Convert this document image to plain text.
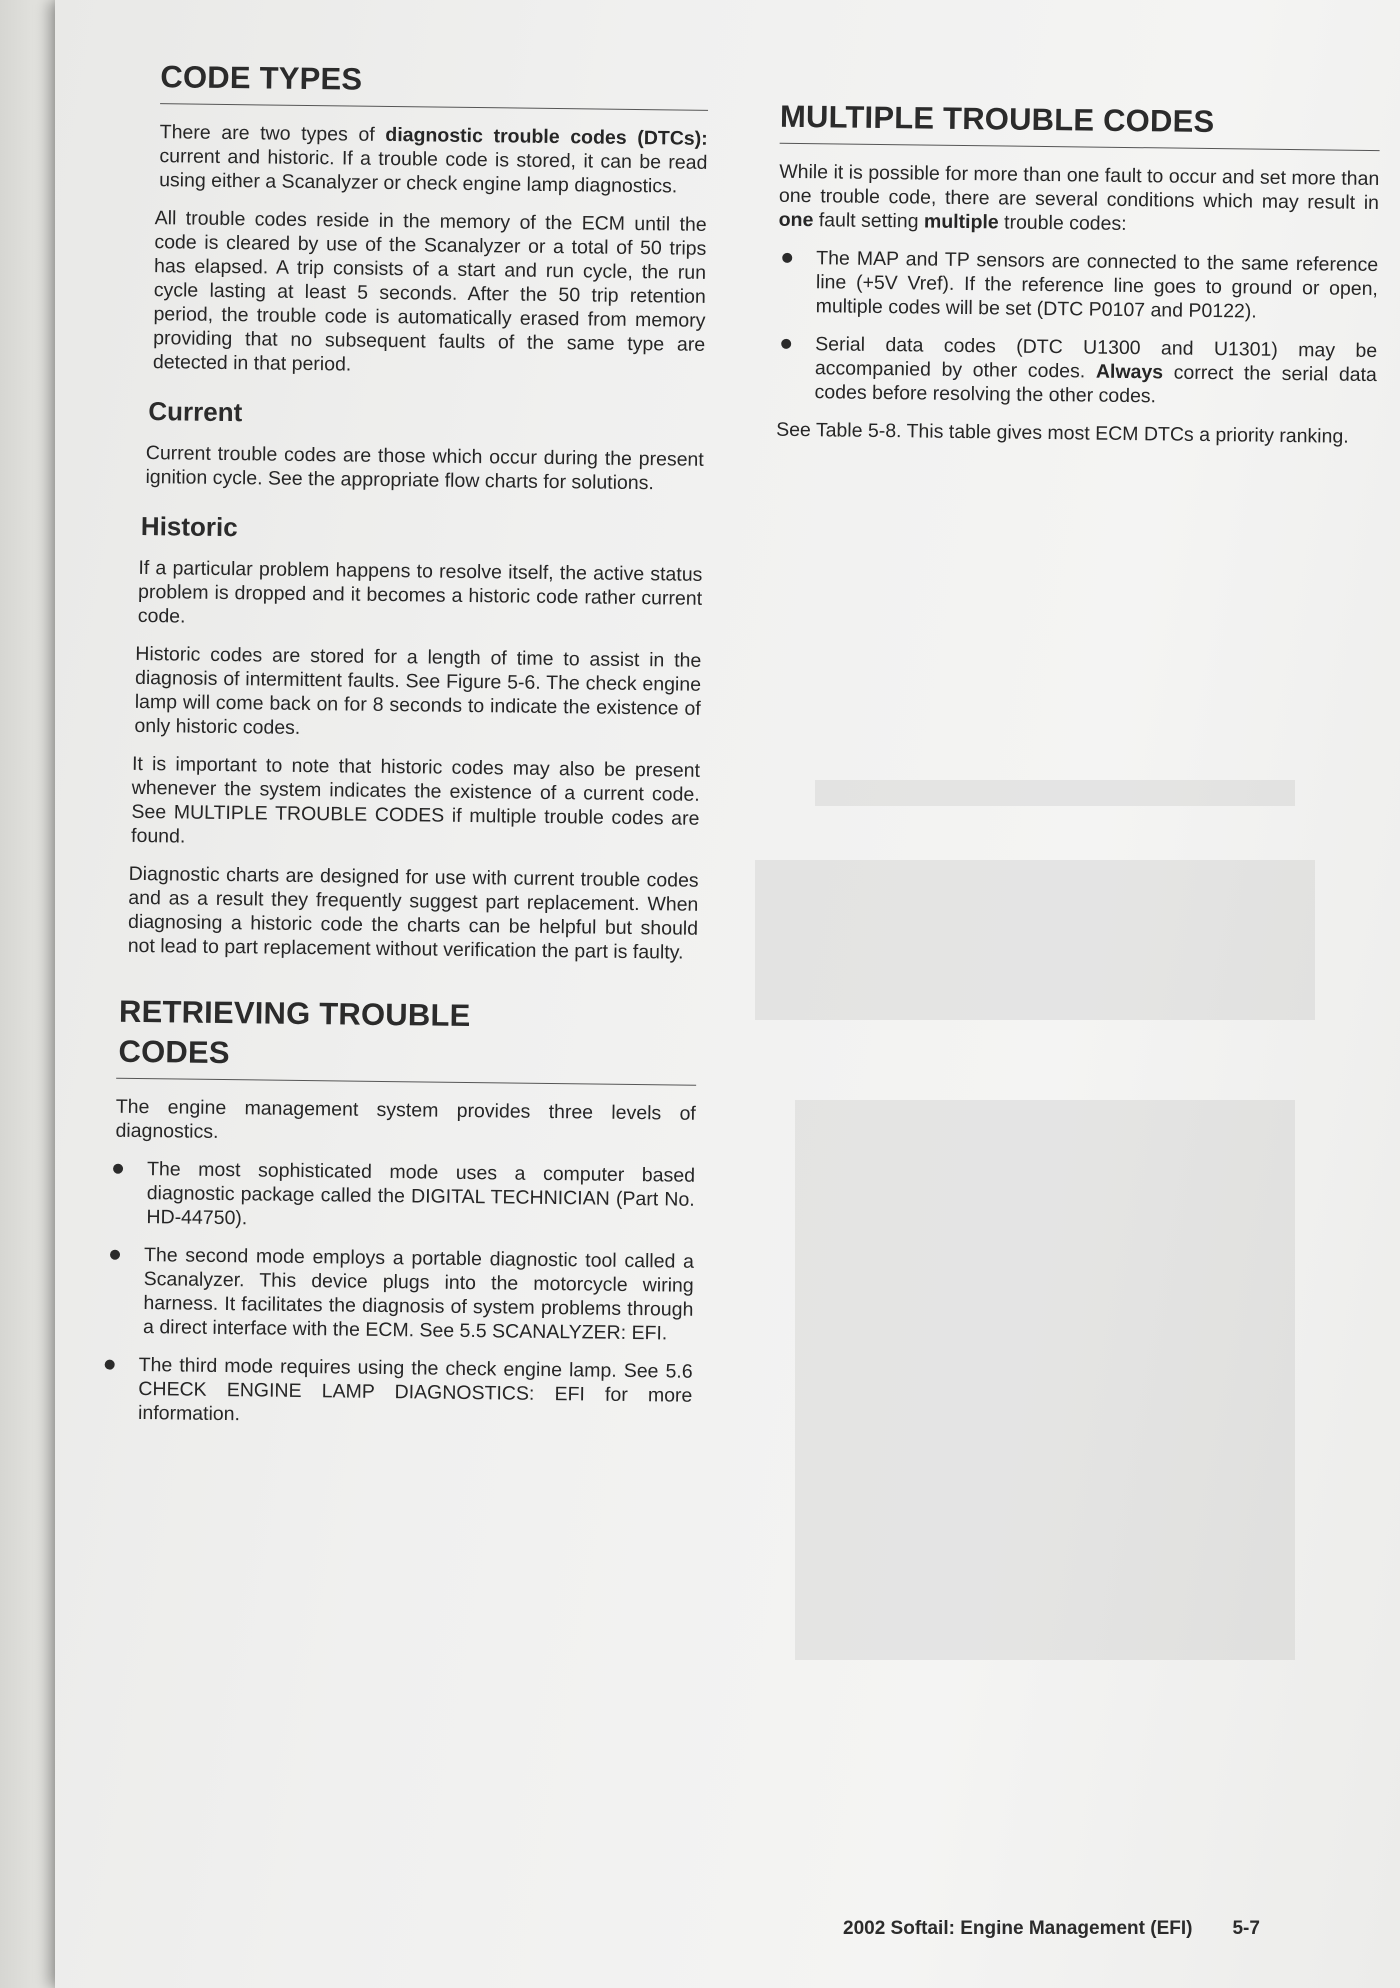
CODE TYPES

There are two types of diagnostic trouble codes (DTCs): current and historic. If a trouble code is stored, it can be read using either a Scanalyzer or check engine lamp diagnostics.

All trouble codes reside in the memory of the ECM until the code is cleared by use of the Scanalyzer or a total of 50 trips has elapsed. A trip consists of a start and run cycle, the run cycle lasting at least 5 seconds. After the 50 trip retention period, the trouble code is automatically erased from memory providing that no subsequent faults of the same type are detected in that period.

Current

Current trouble codes are those which occur during the present ignition cycle. See the appropriate flow charts for solutions.

Historic

If a particular problem happens to resolve itself, the active status problem is dropped and it becomes a historic code rather current code.

Historic codes are stored for a length of time to assist in the diagnosis of intermittent faults. See Figure 5-6. The check engine lamp will come back on for 8 seconds to indicate the existence of only historic codes.

It is important to note that historic codes may also be present whenever the system indicates the existence of a current code. See MULTIPLE TROUBLE CODES if multiple trouble codes are found.

Diagnostic charts are designed for use with current trouble codes and as a result they frequently suggest part replacement. When diagnosing a historic code the charts can be helpful but should not lead to part replacement without verification the part is faulty.

RETRIEVING TROUBLE
CODES

The engine management system provides three levels of diagnostics.

The most sophisticated mode uses a computer based diagnostic package called the DIGITAL TECHNICIAN (Part No. HD-44750).
The second mode employs a portable diagnostic tool called a Scanalyzer. This device plugs into the motorcycle wiring harness. It facilitates the diagnosis of system problems through a direct interface with the ECM. See 5.5 SCANALYZER: EFI.
The third mode requires using the check engine lamp. See 5.6 CHECK ENGINE LAMP DIAGNOSTICS: EFI for more information.
MULTIPLE TROUBLE CODES

While it is possible for more than one fault to occur and set more than one trouble code, there are several conditions which may result in one fault setting multiple trouble codes:

The MAP and TP sensors are connected to the same reference line (+5V Vref). If the reference line goes to ground or open, multiple codes will be set (DTC P0107 and P0122).
Serial data codes (DTC U1300 and U1301) may be accompanied by other codes. Always correct the serial data codes before resolving the other codes.

See Table 5-8. This table gives most ECM DTCs a priority ranking.

2002 Softail: Engine Management (EFI) 5-7
